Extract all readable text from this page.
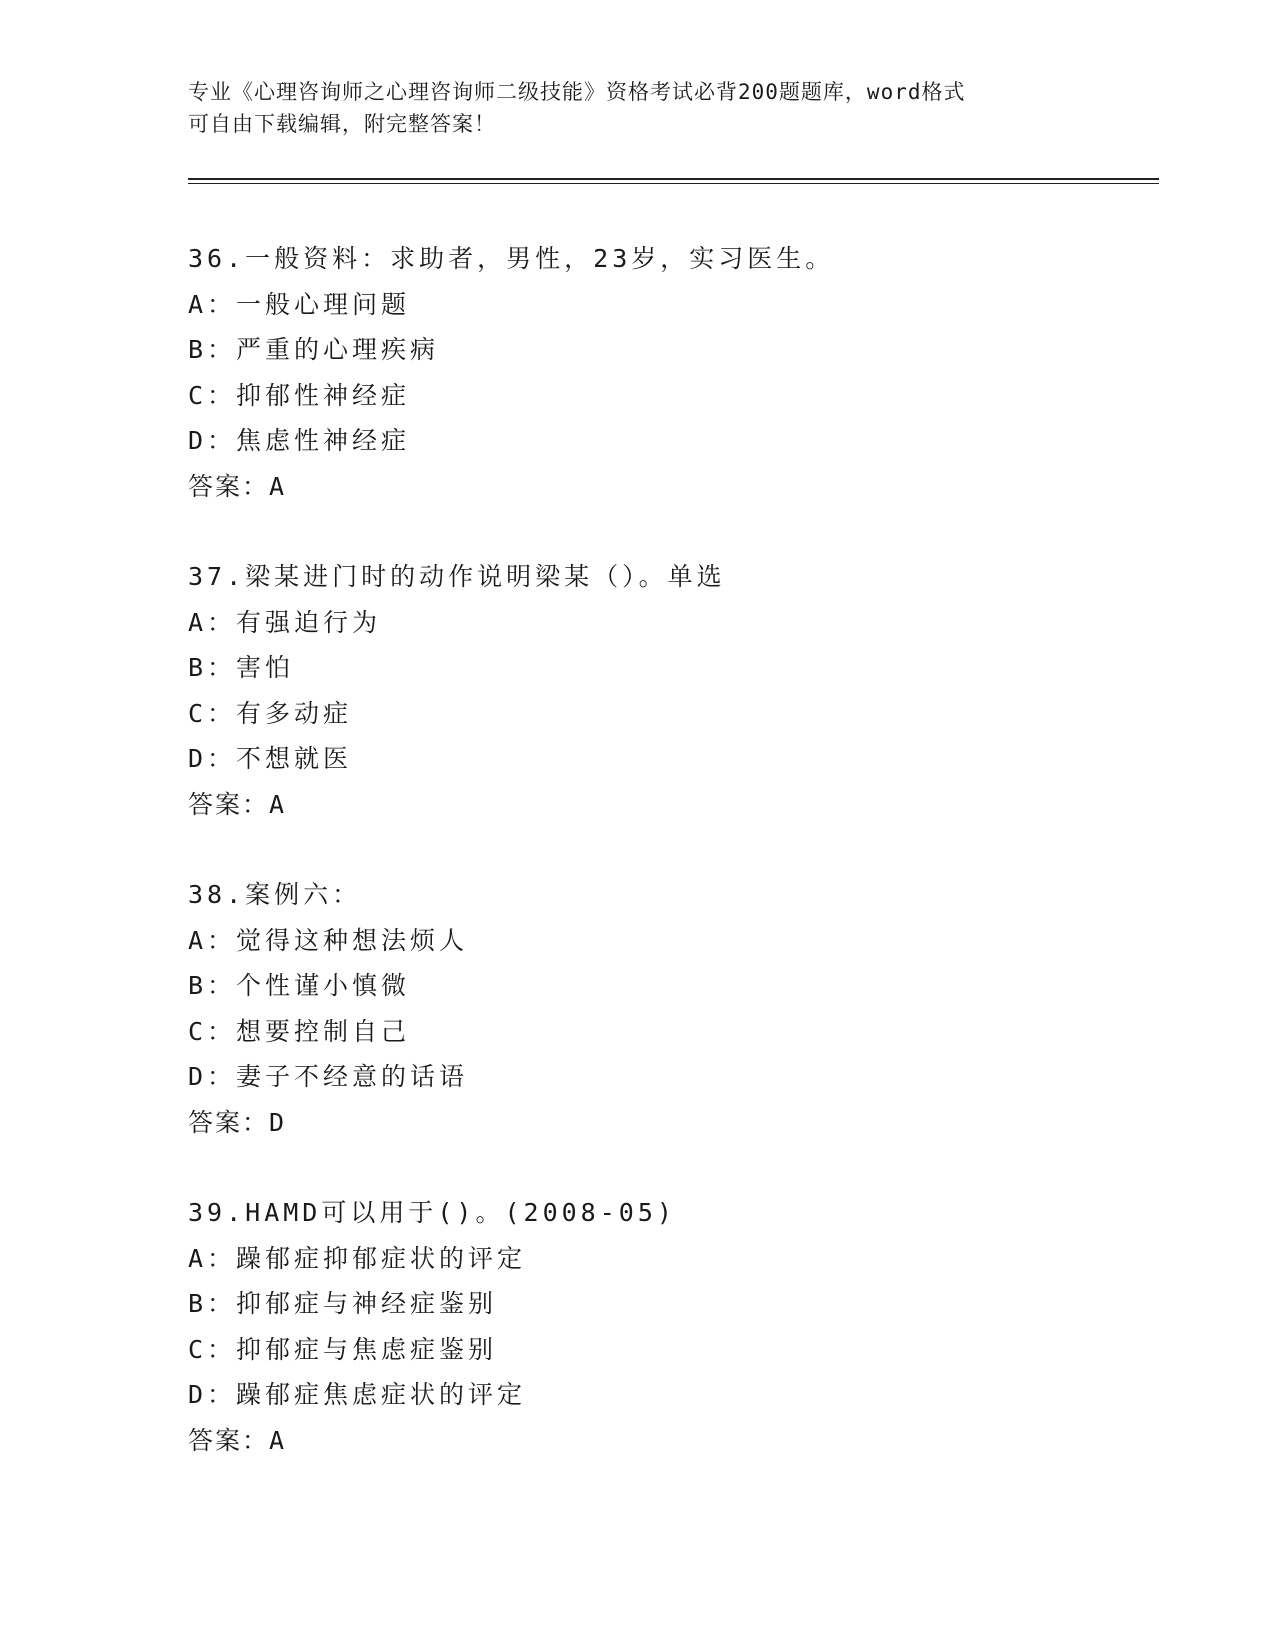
专业《心理咨询师之心理咨询师二级技能》资格考试必背200题题库，word格式
可自由下载编辑，附完整答案！
36.一般资料：求助者，男性，23岁，实习医生。
A：一般心理问题
B：严重的心理疾病
C：抑郁性神经症
D：焦虑性神经症
答案：A
37.梁某进门时的动作说明梁某（）。单选
A：有强迫行为
B：害怕
C：有多动症
D：不想就医
答案：A
38.案例六：
A：觉得这种想法烦人
B：个性谨小慎微
C：想要控制自己
D：妻子不经意的话语
答案：D
39.HAMD可以用于()。(2008-05)
A：躁郁症抑郁症状的评定
B：抑郁症与神经症鉴别
C：抑郁症与焦虑症鉴别
D：躁郁症焦虑症状的评定
答案：A
